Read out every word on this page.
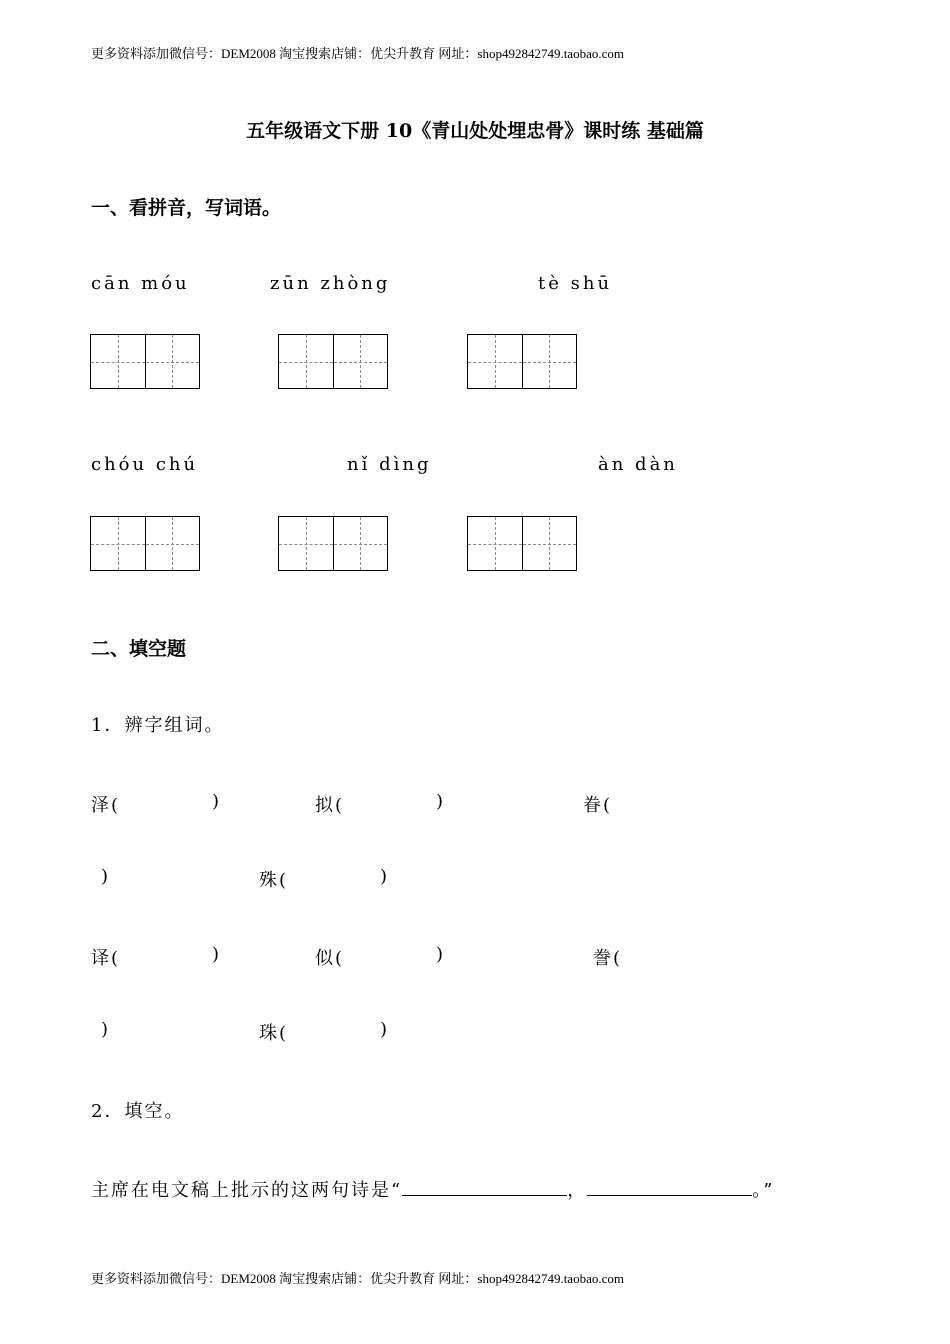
更多资料添加微信号：DEM2008 淘宝搜索店铺：优尖升教育 网址：shop492842749.taobao.com
五年级语文下册 10《青山处处埋忠骨》课时练 基础篇
一、看拼音，写词语。
cān móu	zūn zhòng	tè shū
chóu chú	nǐ dìng	àn dàn
二、填空题
1．辨字组词。
泽(	)	拟(	)	眷(
)	殊(	)
译(	)	似(	)	誊(
)	珠(	)
2．填空。
主席在电文稿上批示的这两句诗是“	，	。”
更多资料添加微信号：DEM2008 淘宝搜索店铺：优尖升教育 网址：shop492842749.taobao.com
